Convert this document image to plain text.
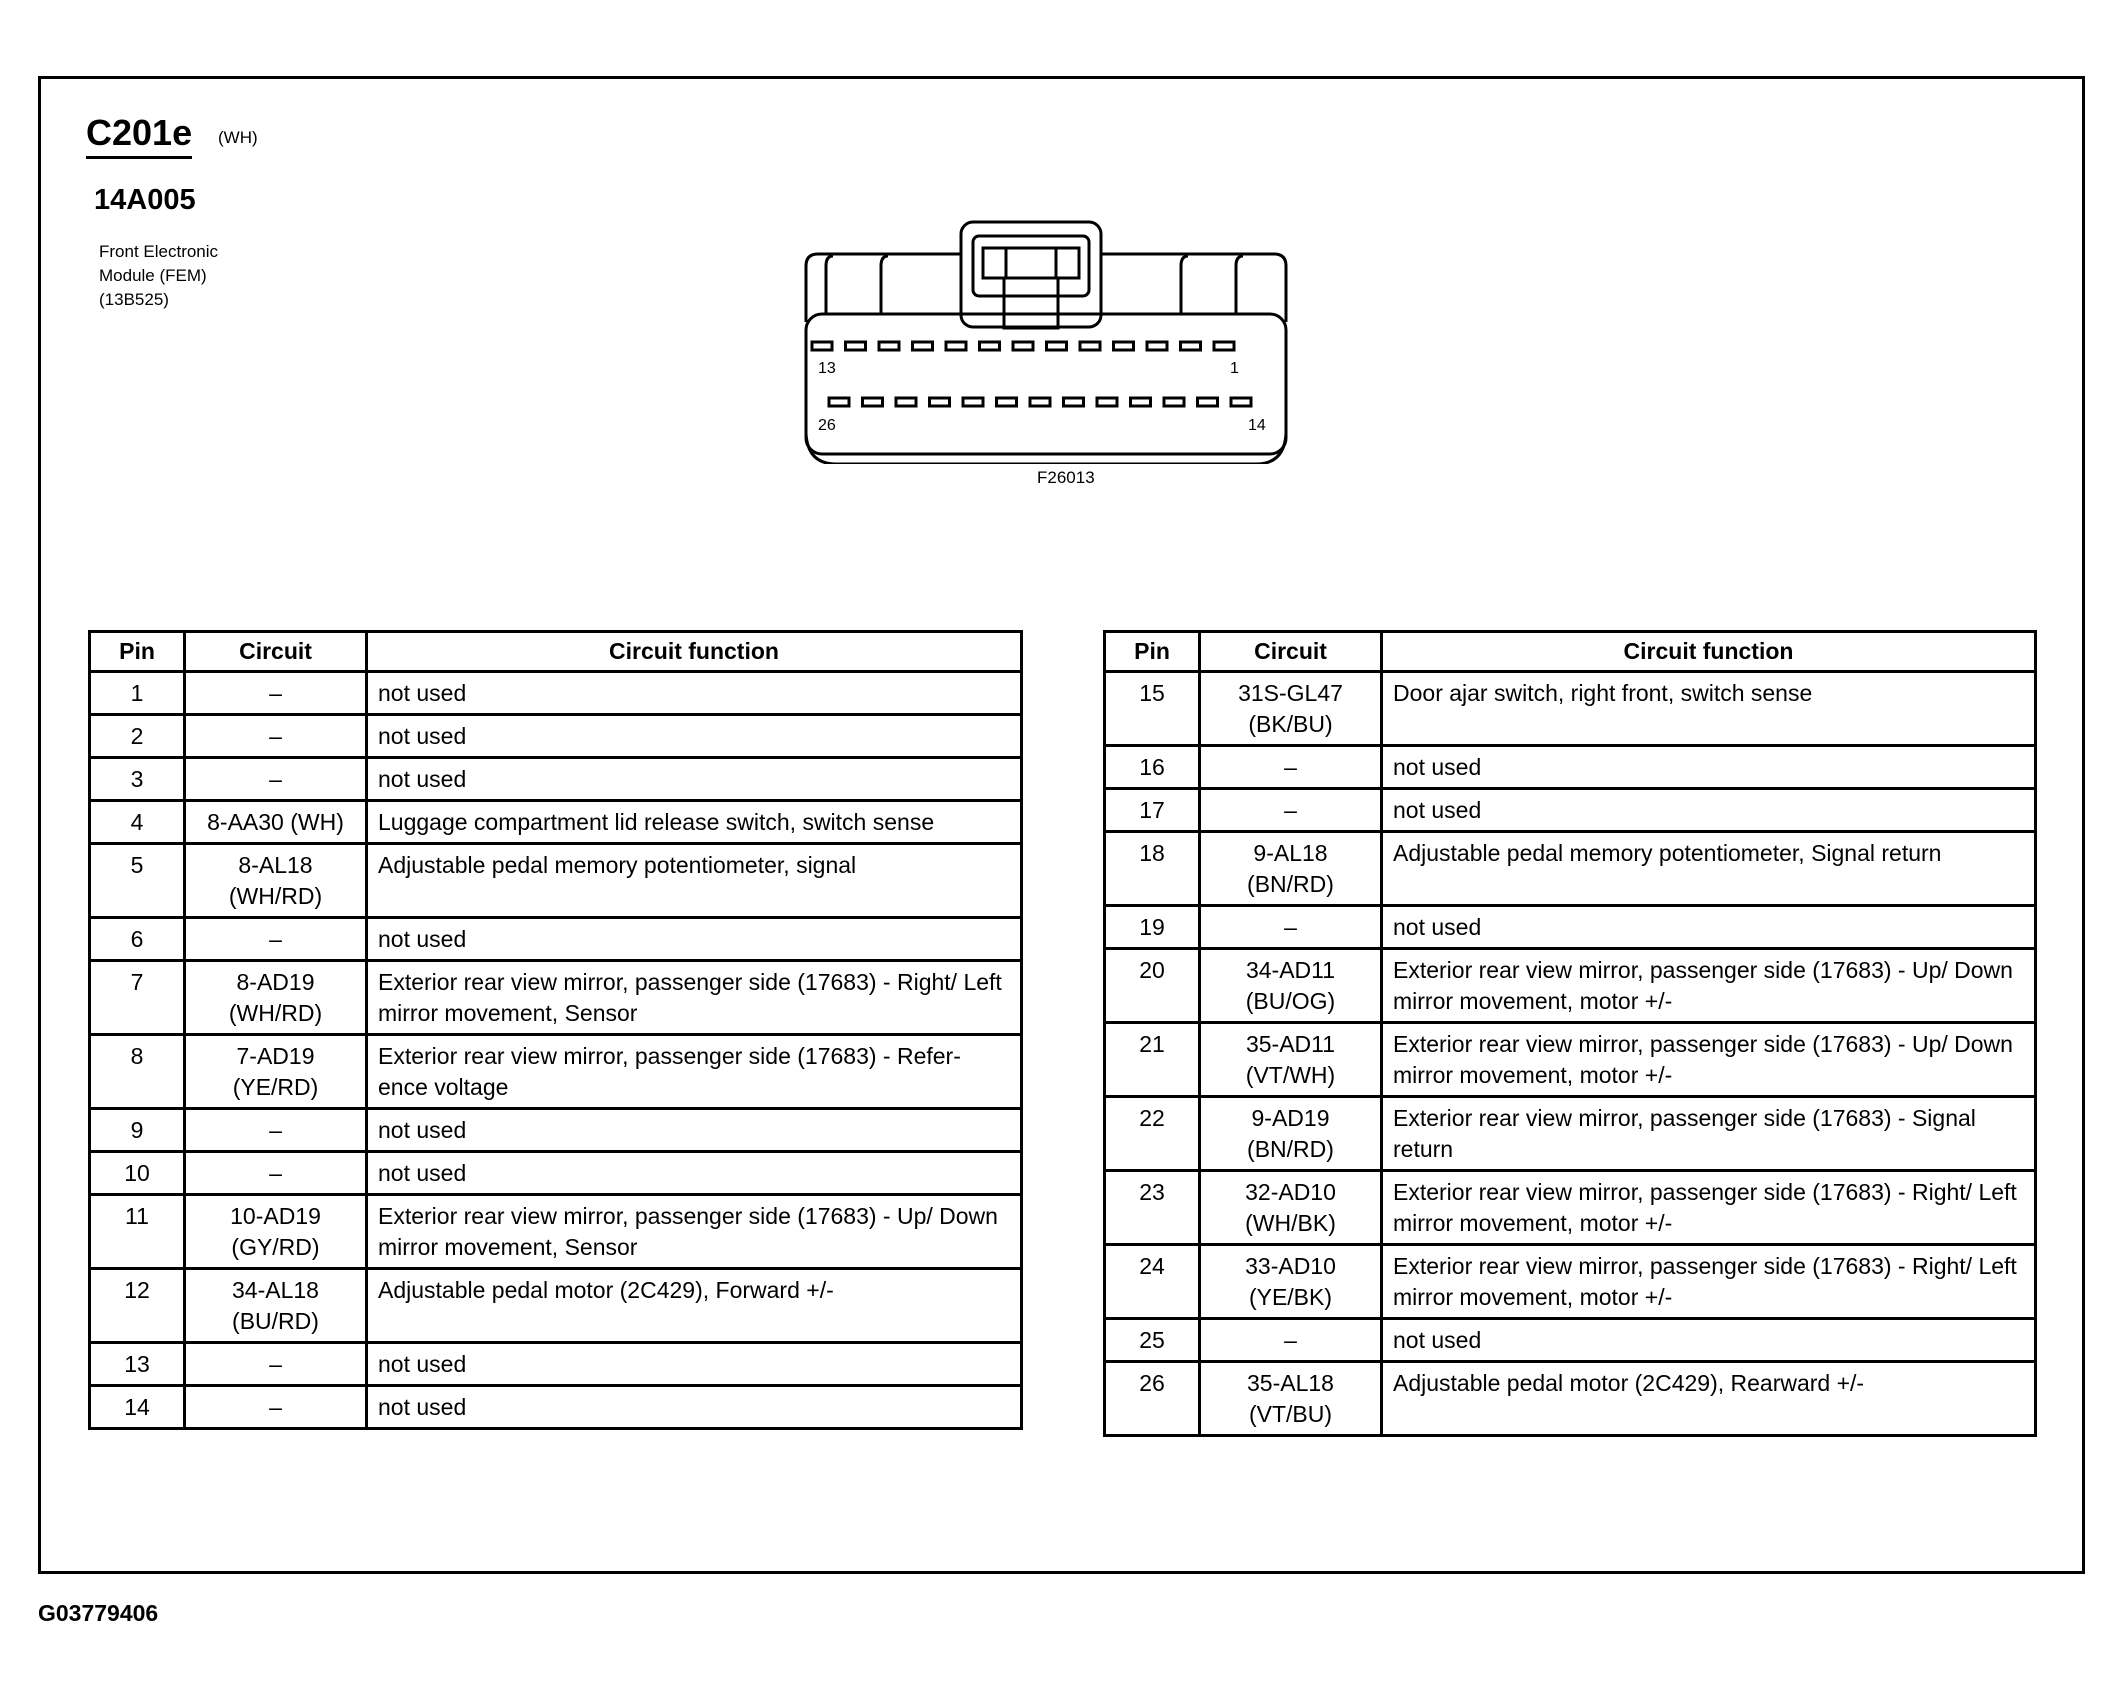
C201e (WH)
14A005
Front Electronic
Module (FEM)
(13B525)
13	1
26	14
F26013
Pin	Circuit	Circuit function
1	–	not used
2	–	not used
3	–	not used
4	8-AA30 (WH)	Luggage compartment lid release switch, switch sense
5	8-AL18
(WH/RD)	Adjustable pedal memory potentiometer, signal
6	–	not used
7	8-AD19
(WH/RD)	Exterior rear view mirror, passenger side (17683) - Right/ Left mirror movement, Sensor
8	7-AD19
(YE/RD)	Exterior rear view mirror, passenger side (17683) - Refer- ence voltage
9	–	not used
10	–	not used
11	10-AD19
(GY/RD)	Exterior rear view mirror, passenger side (17683) - Up/ Down mirror movement, Sensor
12	34-AL18
(BU/RD)	Adjustable pedal motor (2C429), Forward +/-
13	–	not used
14	–	not used
Pin	Circuit	Circuit function
15	31S-GL47
(BK/BU)	Door ajar switch, right front, switch sense
16	–	not used
17	–	not used
18	9-AL18
(BN/RD)	Adjustable pedal memory potentiometer, Signal return
19	–	not used
20	34-AD11
(BU/OG)	Exterior rear view mirror, passenger side (17683) - Up/ Down mirror movement, motor +/-
21	35-AD11
(VT/WH)	Exterior rear view mirror, passenger side (17683) - Up/ Down mirror movement, motor +/-
22	9-AD19
(BN/RD)	Exterior rear view mirror, passenger side (17683) - Signal return
23	32-AD10
(WH/BK)	Exterior rear view mirror, passenger side (17683) - Right/ Left mirror movement, motor +/-
24	33-AD10
(YE/BK)	Exterior rear view mirror, passenger side (17683) - Right/ Left mirror movement, motor +/-
25	–	not used
26	35-AL18
(VT/BU)	Adjustable pedal motor (2C429), Rearward +/-
G03779406
